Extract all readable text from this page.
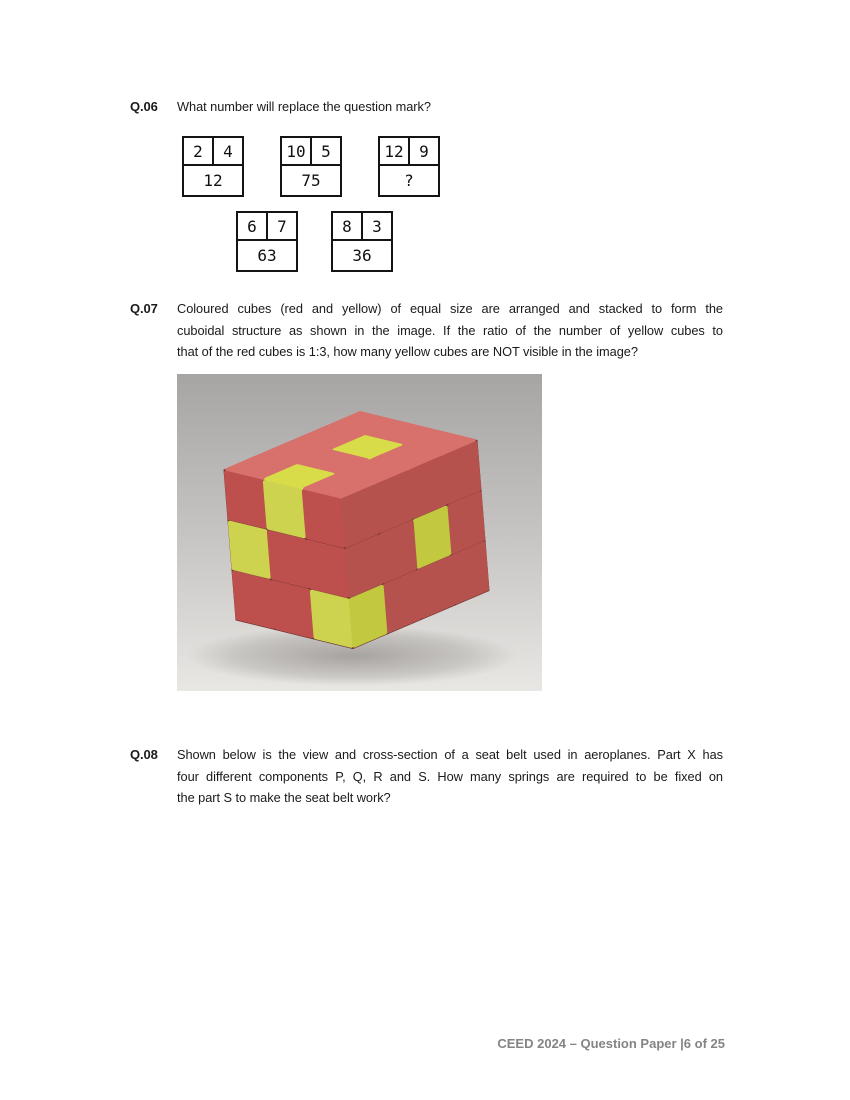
Q.06	What number will replace the question mark?
2	4
12
10 5
75
12 9
?
6	7
63
8	3
36
Q.07	Coloured cubes (red and yellow) of equal size are arranged and stacked to form the
cuboidal structure as shown in the image. If the ratio of the number of yellow cubes to
that of the red cubes is 1:3, how many yellow cubes are NOT visible in the image?
Q.08	Shown below is the view and cross-section of a seat belt used in aeroplanes. Part X has
four different components P, Q, R and S. How many springs are required to be fixed on
the part S to make the seat belt work?
CEED 2024 – Question Paper |6 of 25
